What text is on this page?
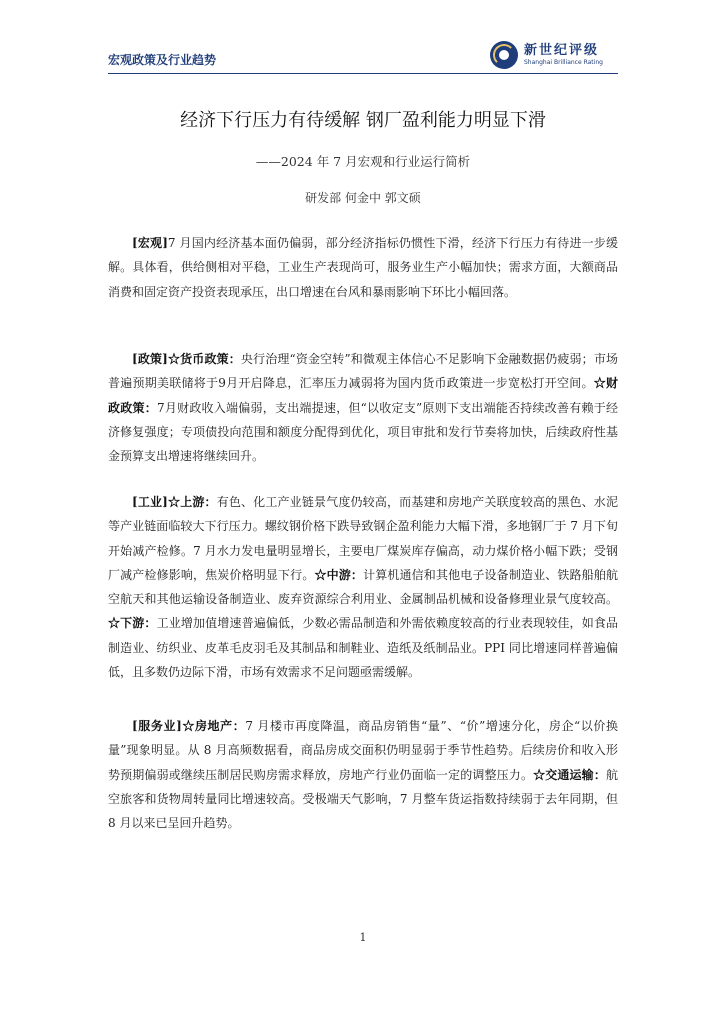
宏观政策及行业趋势
新世纪评级
Shanghai Brilliance Rating
经济下行压力有待缓解 钢厂盈利能力明显下滑
——2024 年 7 月宏观和行业运行简析
研发部 何金中 郭文硕

[宏观]7 月国内经济基本面仍偏弱，部分经济指标仍惯性下滑，经济下行压力有待进一步缓解。具体看，供给侧相对平稳，工业生产表现尚可，服务业生产小幅加快；需求方面，大额商品消费和固定资产投资表现承压，出口增速在台风和暴雨影响下环比小幅回落。

[政策]☆货币政策：央行治理“资金空转”和微观主体信心不足影响下金融数据仍疲弱；市场普遍预期美联储将于9月开启降息，汇率压力减弱将为国内货币政策进一步宽松打开空间。☆财政政策：7月财政收入端偏弱，支出端提速，但“以收定支”原则下支出端能否持续改善有赖于经济修复强度；专项债投向范围和额度分配得到优化，项目审批和发行节奏将加快，后续政府性基金预算支出增速将继续回升。

[工业]☆上游：有色、化工产业链景气度仍较高，而基建和房地产关联度较高的黑色、水泥等产业链面临较大下行压力。螺纹钢价格下跌导致钢企盈利能力大幅下滑，多地钢厂于 7 月下旬开始减产检修。7 月水力发电量明显增长，主要电厂煤炭库存偏高，动力煤价格小幅下跌；受钢厂减产检修影响，焦炭价格明显下行。☆中游：计算机通信和其他电子设备制造业、铁路船舶航空航天和其他运输设备制造业、废弃资源综合利用业、金属制品机械和设备修理业景气度较高。☆下游：工业增加值增速普遍偏低，少数必需品制造和外需依赖度较高的行业表现较佳，如食品制造业、纺织业、皮革毛皮羽毛及其制品和制鞋业、造纸及纸制品业。PPI 同比增速同样普遍偏低，且多数仍边际下滑，市场有效需求不足问题亟需缓解。

[服务业]☆房地产：7 月楼市再度降温，商品房销售“量”、“价”增速分化，房企“以价换量”现象明显。从 8 月高频数据看，商品房成交面积仍明显弱于季节性趋势。后续房价和收入形势预期偏弱或继续压制居民购房需求释放，房地产行业仍面临一定的调整压力。☆交通运输：航空旅客和货物周转量同比增速较高。受极端天气影响，7 月整车货运指数持续弱于去年同期，但 8 月以来已呈回升趋势。

1
